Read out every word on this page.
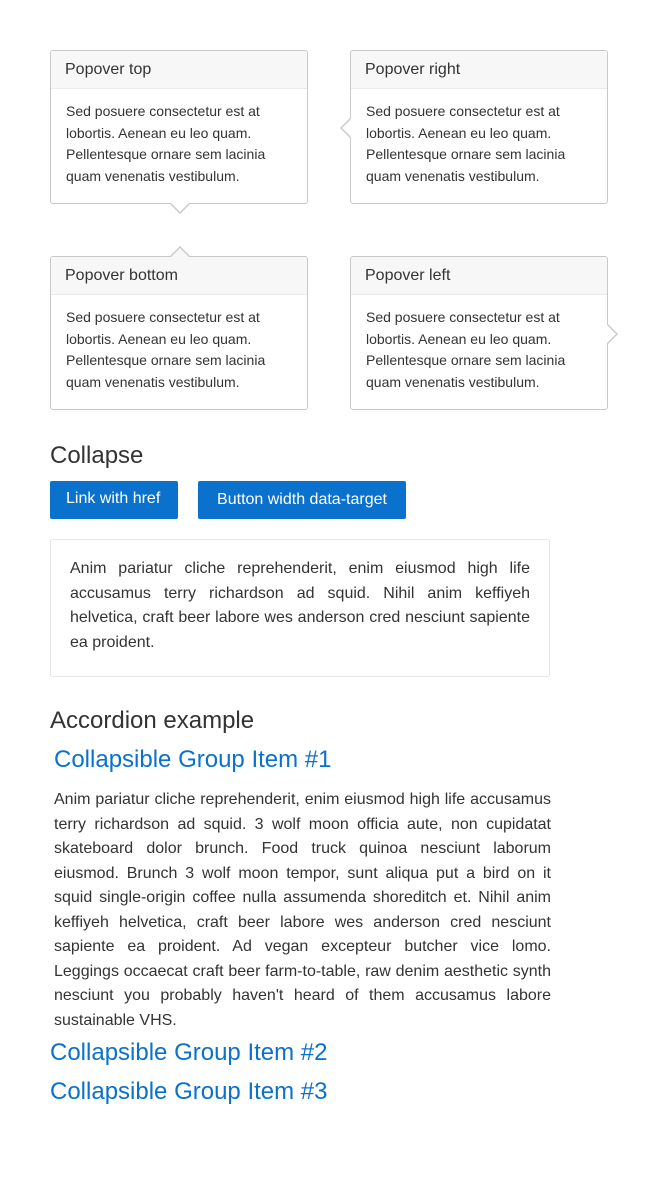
Popover top
Sed posuere consectetur est at lobortis. Aenean eu leo quam. Pellentesque ornare sem lacinia quam venenatis vestibulum.
Popover right
Sed posuere consectetur est at lobortis. Aenean eu leo quam. Pellentesque ornare sem lacinia quam venenatis vestibulum.
Popover bottom
Sed posuere consectetur est at lobortis. Aenean eu leo quam. Pellentesque ornare sem lacinia quam venenatis vestibulum.
Popover left
Sed posuere consectetur est at lobortis. Aenean eu leo quam. Pellentesque ornare sem lacinia quam venenatis vestibulum.
Collapse
Link with href	Button width data-target
Anim pariatur cliche reprehenderit, enim eiusmod high life accusamus terry richardson ad squid. Nihil anim keffiyeh helvetica, craft beer labore wes anderson cred nesciunt sapiente ea proident.
Accordion example
Collapsible Group Item #1
Anim pariatur cliche reprehenderit, enim eiusmod high life accusamus terry richardson ad squid. 3 wolf moon officia aute, non cupidatat skateboard dolor brunch. Food truck quinoa nesciunt laborum eiusmod. Brunch 3 wolf moon tempor, sunt aliqua put a bird on it squid single-origin coffee nulla assumenda shoreditch et. Nihil anim keffiyeh helvetica, craft beer labore wes anderson cred nesciunt sapiente ea proident. Ad vegan excepteur butcher vice lomo. Leggings occaecat craft beer farm-to-table, raw denim aesthetic synth nesciunt you probably haven't heard of them accusamus labore sustainable VHS.
Collapsible Group Item #2
Collapsible Group Item #3
